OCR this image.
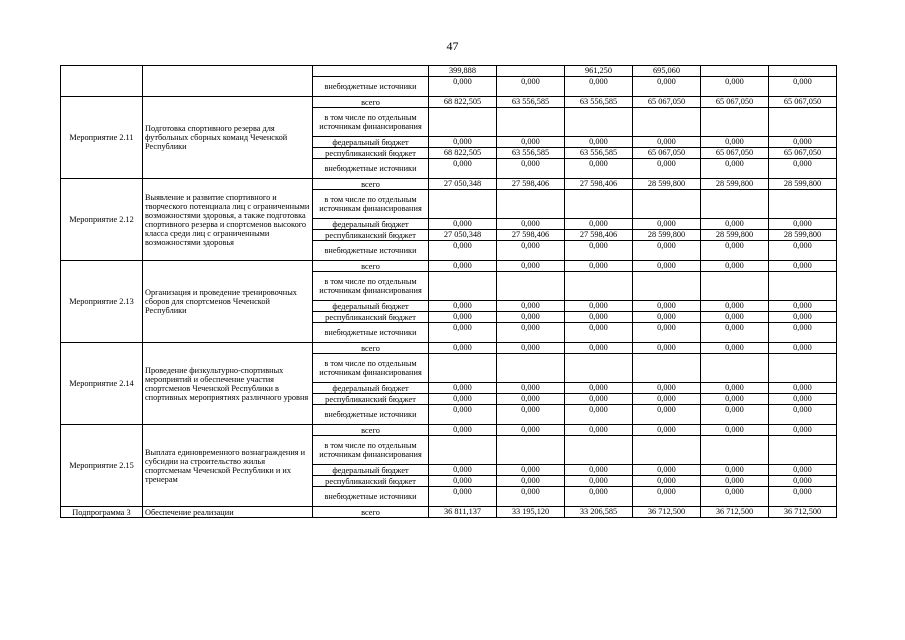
47
			399,888		961,250	695,060		
		внебюджетные источники	0,000	0,000	0,000	0,000	0,000	0,000
Мероприятие 2.11	Подготовка спортивного резерва для футбольных сборных команд Чеченской Республики	всего	68 822,505	63 556,585	63 556,585	65 067,050	65 067,050	65 067,050
		в том числе по отдельным источникам финансирования						
		федеральный бюджет	0,000	0,000	0,000	0,000	0,000	0,000
		республиканский бюджет	68 822,505	63 556,585	63 556,585	65 067,050	65 067,050	65 067,050
		внебюджетные источники	0,000	0,000	0,000	0,000	0,000	0,000
Мероприятие 2.12	Выявление и развитие спортивного и творческого потенциала лиц с ограниченными возможностями здоровья, а также подготовка спортивного резерва и спортсменов высокого класса среди лиц с ограниченными возможностями здоровья	всего	27 050,348	27 598,406	27 598,406	28 599,800	28 599,800	28 599,800
		в том числе по отдельным источникам финансирования						
		федеральный бюджет	0,000	0,000	0,000	0,000	0,000	0,000
		республиканский бюджет	27 050,348	27 598,406	27 598,406	28 599,800	28 599,800	28 599,800
		внебюджетные источники	0,000	0,000	0,000	0,000	0,000	0,000
Мероприятие 2.13	Организация и проведение тренировочных сборов для спортсменов Чеченской Республики	всего	0,000	0,000	0,000	0,000	0,000	0,000
		в том числе по отдельным источникам финансирования						
		федеральный бюджет	0,000	0,000	0,000	0,000	0,000	0,000
		республиканский бюджет	0,000	0,000	0,000	0,000	0,000	0,000
		внебюджетные источники	0,000	0,000	0,000	0,000	0,000	0,000
Мероприятие 2.14	Проведение физкультурно-спортивных мероприятий и обеспечение участия спортсменов Чеченской Республики в спортивных мероприятиях различного уровня	всего	0,000	0,000	0,000	0,000	0,000	0,000
		в том числе по отдельным источникам финансирования						
		федеральный бюджет	0,000	0,000	0,000	0,000	0,000	0,000
		республиканский бюджет	0,000	0,000	0,000	0,000	0,000	0,000
		внебюджетные источники	0,000	0,000	0,000	0,000	0,000	0,000
Мероприятие 2.15	Выплата единовременного вознаграждения и субсидии на строительство жилья спортсменам Чеченской Республики и их тренерам	всего	0,000	0,000	0,000	0,000	0,000	0,000
		в том числе по отдельным источникам финансирования						
		федеральный бюджет	0,000	0,000	0,000	0,000	0,000	0,000
		республиканский бюджет	0,000	0,000	0,000	0,000	0,000	0,000
		внебюджетные источники	0,000	0,000	0,000	0,000	0,000	0,000
Подпрограмма 3	Обеспечение реализации	всего	36 811,137	33 195,120	33 206,585	36 712,500	36 712,500	36 712,500
